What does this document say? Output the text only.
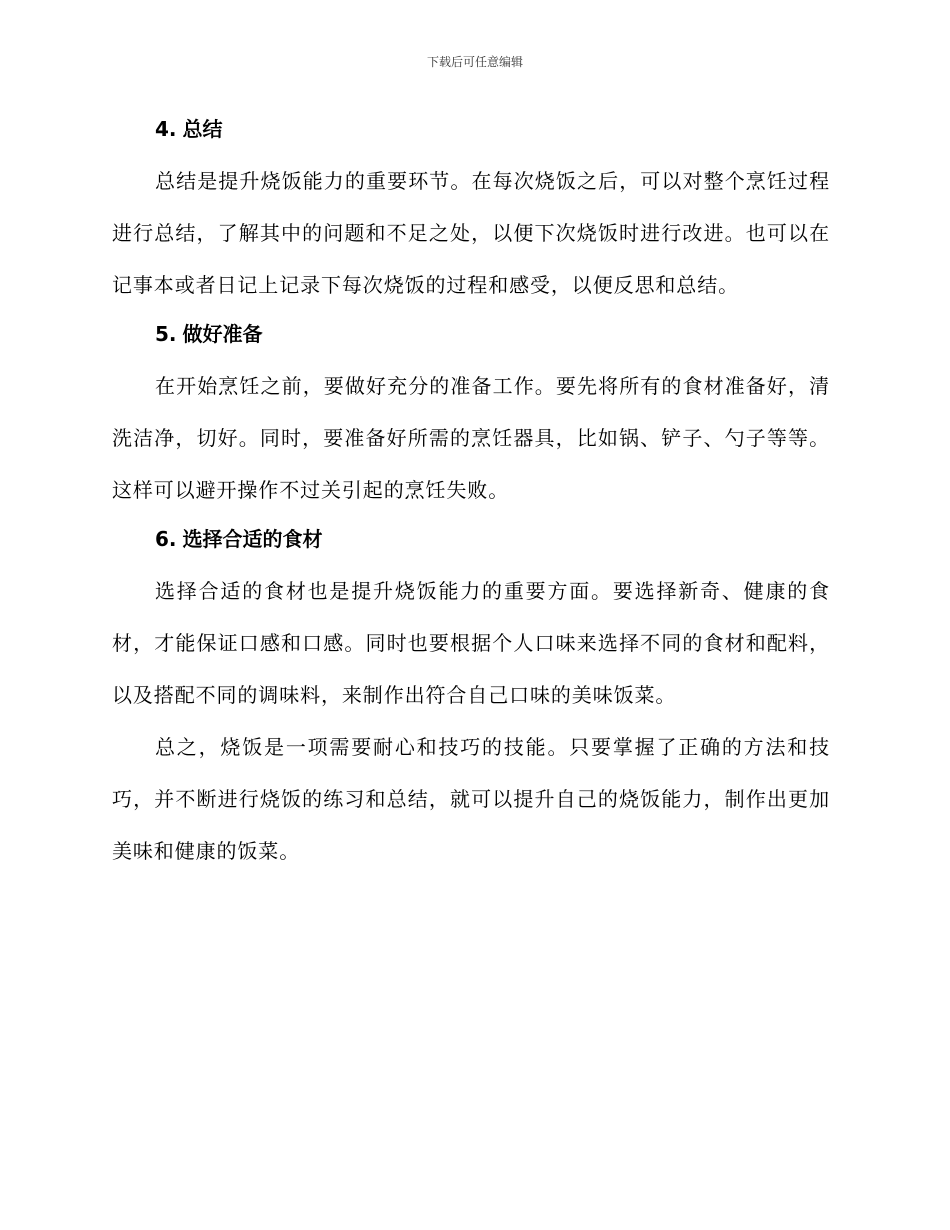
下载后可任意编辑
4. 总结

总结是提升烧饭能力的重要环节。在每次烧饭之后，可以对整个烹饪过程进行总结，了解其中的问题和不足之处，以便下次烧饭时进行改进。也可以在记事本或者日记上记录下每次烧饭的过程和感受，以便反思和总结。

5. 做好准备

在开始烹饪之前，要做好充分的准备工作。要先将所有的食材准备好，清洗洁净，切好。同时，要准备好所需的烹饪器具，比如锅、铲子、勺子等等。这样可以避开操作不过关引起的烹饪失败。

6. 选择合适的食材

选择合适的食材也是提升烧饭能力的重要方面。要选择新奇、健康的食材，才能保证口感和口感。同时也要根据个人口味来选择不同的食材和配料，以及搭配不同的调味料，来制作出符合自己口味的美味饭菜。

总之，烧饭是一项需要耐心和技巧的技能。只要掌握了正确的方法和技巧，并不断进行烧饭的练习和总结，就可以提升自己的烧饭能力，制作出更加美味和健康的饭菜。
